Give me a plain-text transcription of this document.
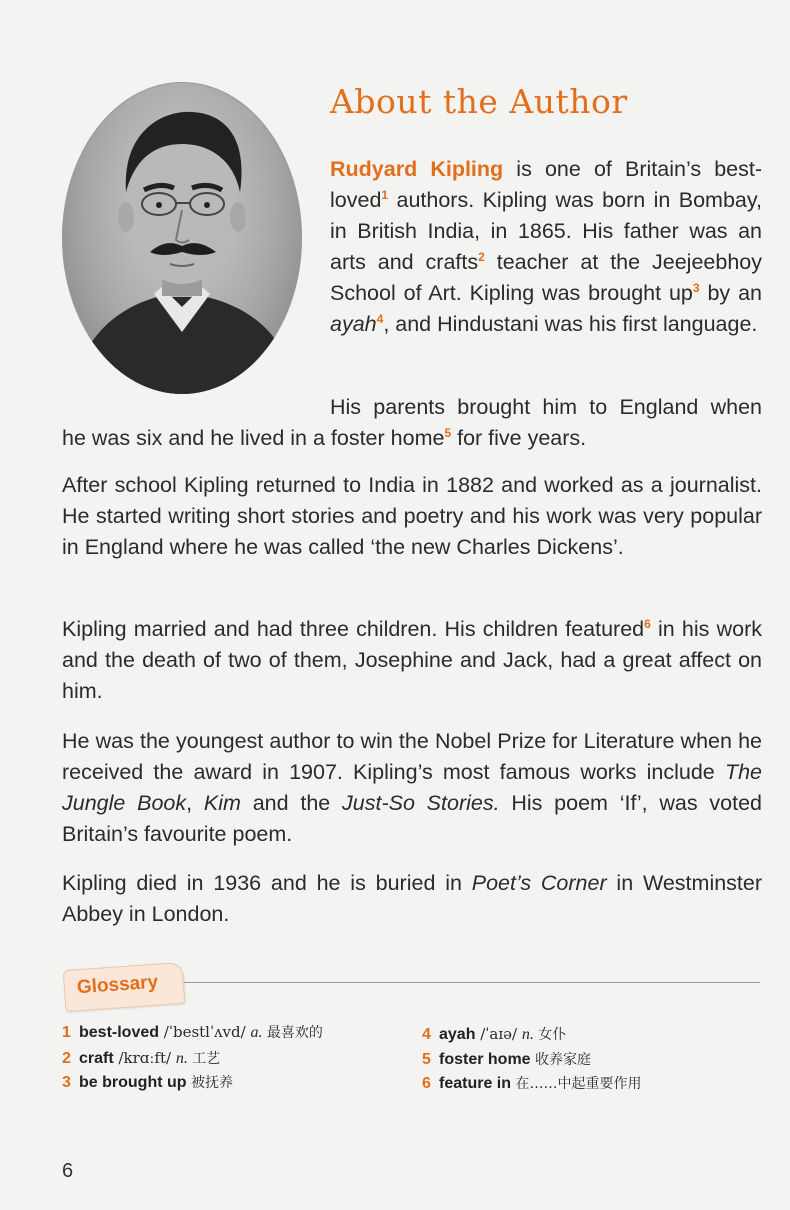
About the Author
Rudyard Kipling is one of Britain’s best-loved$^1$ authors. Kipling was born in Bombay, in British India, in 1865. His father was an arts and crafts$^2$ teacher at the Jeejeebhoy School of Art. Kipling was brought up$^3$ by an ayah$^4$, and Hindustani was his first language.
His parents brought him to England when
he was six and he lived in a foster home$^5$ for five years.
After school Kipling returned to India in 1882 and worked as a journalist. He started writing short stories and poetry and his work was very popular in England where he was called ‘the new Charles Dickens’.
Kipling married and had three children. His children featured$^6$ in his work and the death of two of them, Josephine and Jack, had a great affect on him.
He was the youngest author to win the Nobel Prize for Literature when he received the award in 1907. Kipling’s most famous works include The Jungle Book, Kim and the Just-So Stories. His poem ‘If’, was voted Britain’s favourite poem.
Kipling died in 1936 and he is buried in Poet’s Corner in Westminster Abbey in London.
Glossary
1 best-loved /ˈbestlˈʌvd/ a. 最喜欢的
2 craft /krɑːft/ n. 工艺
3 be brought up 被抚养
4 ayah /ˈaɪə/ n. 女仆
5 foster home 收养家庭
6 feature in 在……中起重要作用
6
